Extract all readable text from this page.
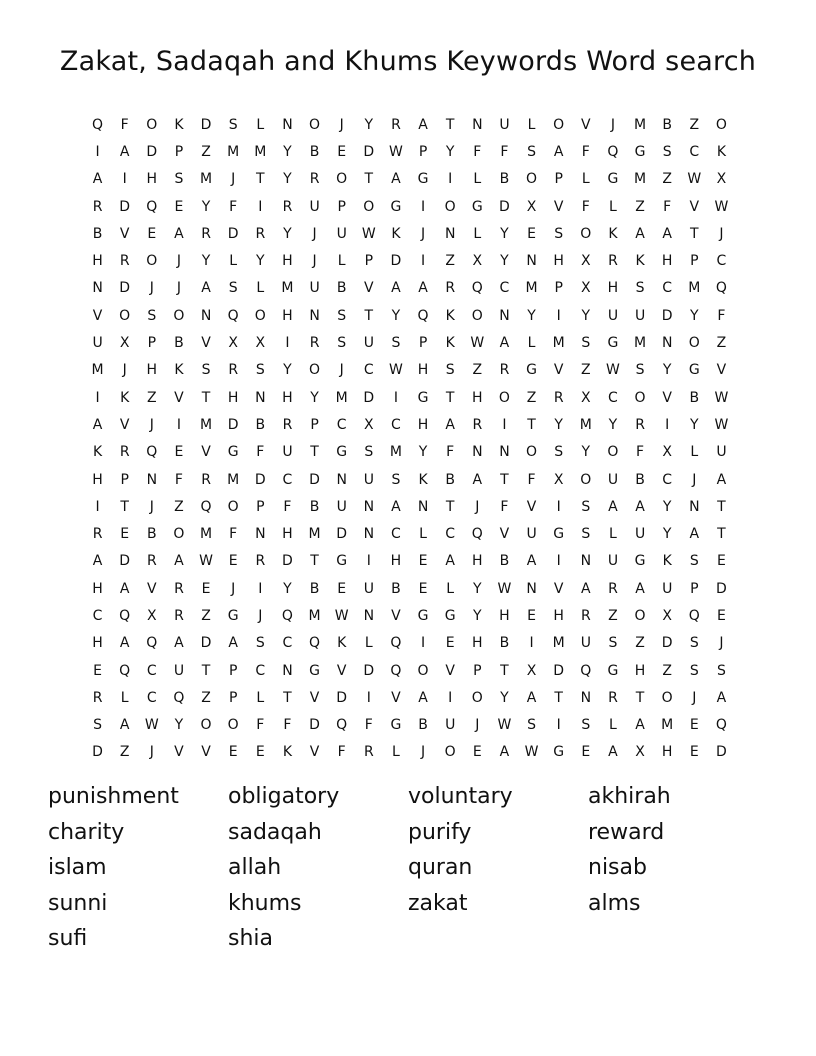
Zakat, Sadaqah and Khums Keywords Word search
Q	F	O	K	D	S	L	N	O	J	Y	R	A	T	N	U	L	O	V	J	M	B	Z	O
I	A	D	P	Z	M	M	Y	B	E	D	W	P	Y	F	F	S	A	F	Q	G	S	C	K
A	I	H	S	M	J	T	Y	R	O	T	A	G	I	L	B	O	P	L	G	M	Z	W	X
R	D	Q	E	Y	F	I	R	U	P	O	G	I	O	G	D	X	V	F	L	Z	F	V	W
B	V	E	A	R	D	R	Y	J	U	W	K	J	N	L	Y	E	S	O	K	A	A	T	J
H	R	O	J	Y	L	Y	H	J	L	P	D	I	Z	X	Y	N	H	X	R	K	H	P	C
N	D	J	J	A	S	L	M	U	B	V	A	A	R	Q	C	M	P	X	H	S	C	M	Q
V	O	S	O	N	Q	O	H	N	S	T	Y	Q	K	O	N	Y	I	Y	U	U	D	Y	F
U	X	P	B	V	X	X	I	R	S	U	S	P	K	W	A	L	M	S	G	M	N	O	Z
M	J	H	K	S	R	S	Y	O	J	C	W	H	S	Z	R	G	V	Z	W	S	Y	G	V
I	K	Z	V	T	H	N	H	Y	M	D	I	G	T	H	O	Z	R	X	C	O	V	B	W
A	V	J	I	M	D	B	R	P	C	X	C	H	A	R	I	T	Y	M	Y	R	I	Y	W
K	R	Q	E	V	G	F	U	T	G	S	M	Y	F	N	N	O	S	Y	O	F	X	L	U
H	P	N	F	R	M	D	C	D	N	U	S	K	B	A	T	F	X	O	U	B	C	J	A
I	T	J	Z	Q	O	P	F	B	U	N	A	N	T	J	F	V	I	S	A	A	Y	N	T
R	E	B	O	M	F	N	H	M	D	N	C	L	C	Q	V	U	G	S	L	U	Y	A	T
A	D	R	A	W	E	R	D	T	G	I	H	E	A	H	B	A	I	N	U	G	K	S	E
H	A	V	R	E	J	I	Y	B	E	U	B	E	L	Y	W	N	V	A	R	A	U	P	D
C	Q	X	R	Z	G	J	Q	M	W	N	V	G	G	Y	H	E	H	R	Z	O	X	Q	E
H	A	Q	A	D	A	S	C	Q	K	L	Q	I	E	H	B	I	M	U	S	Z	D	S	J
E	Q	C	U	T	P	C	N	G	V	D	Q	O	V	P	T	X	D	Q	G	H	Z	S	S
R	L	C	Q	Z	P	L	T	V	D	I	V	A	I	O	Y	A	T	N	R	T	O	J	A
S	A	W	Y	O	O	F	F	D	Q	F	G	B	U	J	W	S	I	S	L	A	M	E	Q
D	Z	J	V	V	E	E	K	V	F	R	L	J	O	E	A	W	G	E	A	X	H	E	D
punishment	obligatory	voluntary	akhirah
charity	sadaqah	purify	reward
islam	allah	quran	nisab
sunni	khums	zakat	alms
sufi	shia
